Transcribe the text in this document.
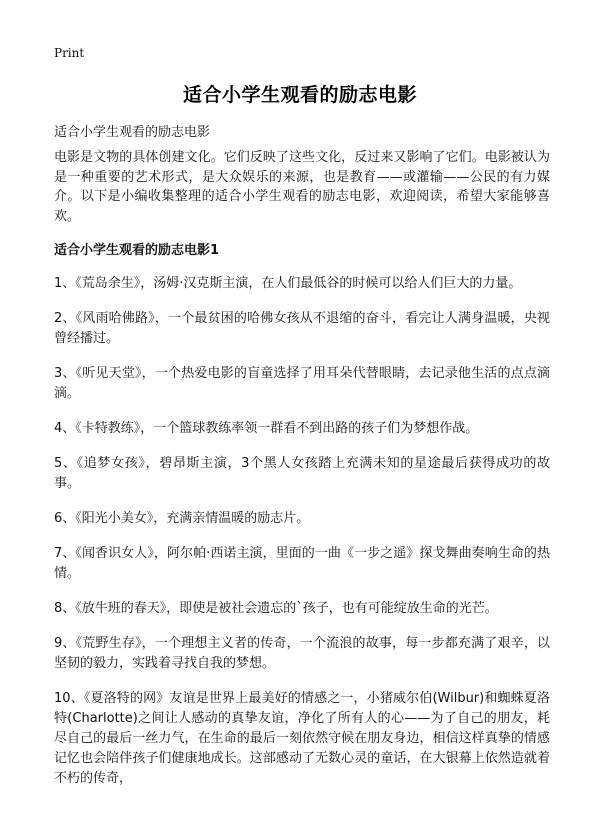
Print
适合小学生观看的励志电影
适合小学生观看的励志电影

电影是文物的具体创建文化。它们反映了这些文化，反过来又影响了它们。电影被认为是一种重要的艺术形式，是大众娱乐的来源，也是教育——或灌输——公民的有力媒介。以下是小编收集整理的适合小学生观看的励志电影，欢迎阅读，希望大家能够喜欢。

适合小学生观看的励志电影1

1、《荒岛余生》，汤姆·汉克斯主演，在人们最低谷的时候可以给人们巨大的力量。

2、《风雨哈佛路》，一个最贫困的哈佛女孩从不退缩的奋斗，看完让人满身温暖，央视曾经播过。

3、《听见天堂》，一个热爱电影的盲童选择了用耳朵代替眼睛，去记录他生活的点点滴滴。

4、《卡特教练》，一个篮球教练率领一群看不到出路的孩子们为梦想作战。

5、《追梦女孩》，碧昂斯主演，3个黑人女孩踏上充满未知的星途最后获得成功的故事。

6、《阳光小美女》，充满亲情温暖的励志片。

7、《闻香识女人》，阿尔帕·西诺主演，里面的一曲《一步之遥》探戈舞曲奏响生命的热情。

8、《放牛班的春天》，即使是被社会遗忘的`孩子，也有可能绽放生命的光芒。

9、《荒野生存》，一个理想主义者的传奇，一个流浪的故事，每一步都充满了艰辛，以坚韧的毅力，实践着寻找自我的梦想。

10、《夏洛特的网》友谊是世界上最美好的情感之一，小猪威尔伯(Wilbur)和蜘蛛夏洛特(Charlotte)之间让人感动的真挚友谊，净化了所有人的心——为了自己的朋友，耗尽自己的最后一丝力气，在生命的最后一刻依然守候在朋友身边，相信这样真挚的情感记忆也会陪伴孩子们健康地成长。这部感动了无数心灵的童话，在大银幕上依然造就着不朽的传奇，
